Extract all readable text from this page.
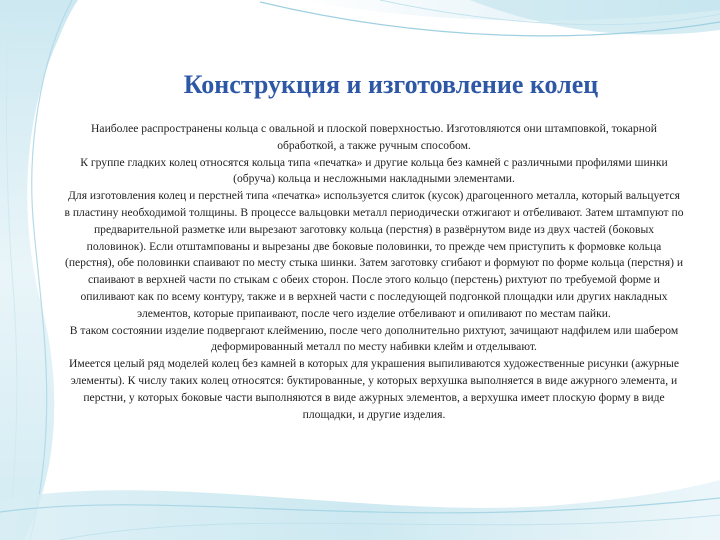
Конструкция и изготовление колец

Наиболее распространены кольца с овальной и плоской поверхностью. Изготовляются они штамповкой, токарной обработкой, а также ручным способом.

К группе гладких колец относятся кольца типа «печатка» и другие кольца без камней с различными профилями шинки (обруча) кольца и несложными накладными элементами.

Для изготовления колец и перстней типа «печатка» используется слиток (кусок) драгоценного металла, который вальцуется в пластину необходимой толщины. В процессе вальцовки металл периодически отжигают и отбеливают. Затем штампуют по предварительной разметке или вырезают заготовку кольца (перстня) в развёрнутом виде из двух частей (боковых половинок). Если отштампованы и вырезаны две боковые половинки, то прежде чем приступить к формовке кольца (перстня), обе половинки спаивают по месту стыка шинки. Затем заготовку сгибают и формуют по форме кольца (перстня) и спаивают в верхней части по стыкам с обеих сторон. После этого кольцо (перстень) рихтуют по требуемой форме и опиливают как по всему контуру, также и в верхней части с последующей подгонкой площадки или других накладных элементов, которые припаивают, после чего изделие отбеливают и опиливают по местам пайки.

В таком состоянии изделие подвергают клеймению, после чего дополнительно рихтуют, зачищают надфилем или шабером деформированный металл по месту набивки клейм и отделывают.

Имеется целый ряд моделей колец без камней в которых для украшения выпиливаются художественные рисунки (ажурные элементы). К числу таких колец относятся: буктированные, у которых верхушка выполняется в виде ажурного элемента, и перстни, у которых боковые части выполняются в виде ажурных элементов, а верхушка имеет плоскую форму в виде площадки, и другие изделия.
